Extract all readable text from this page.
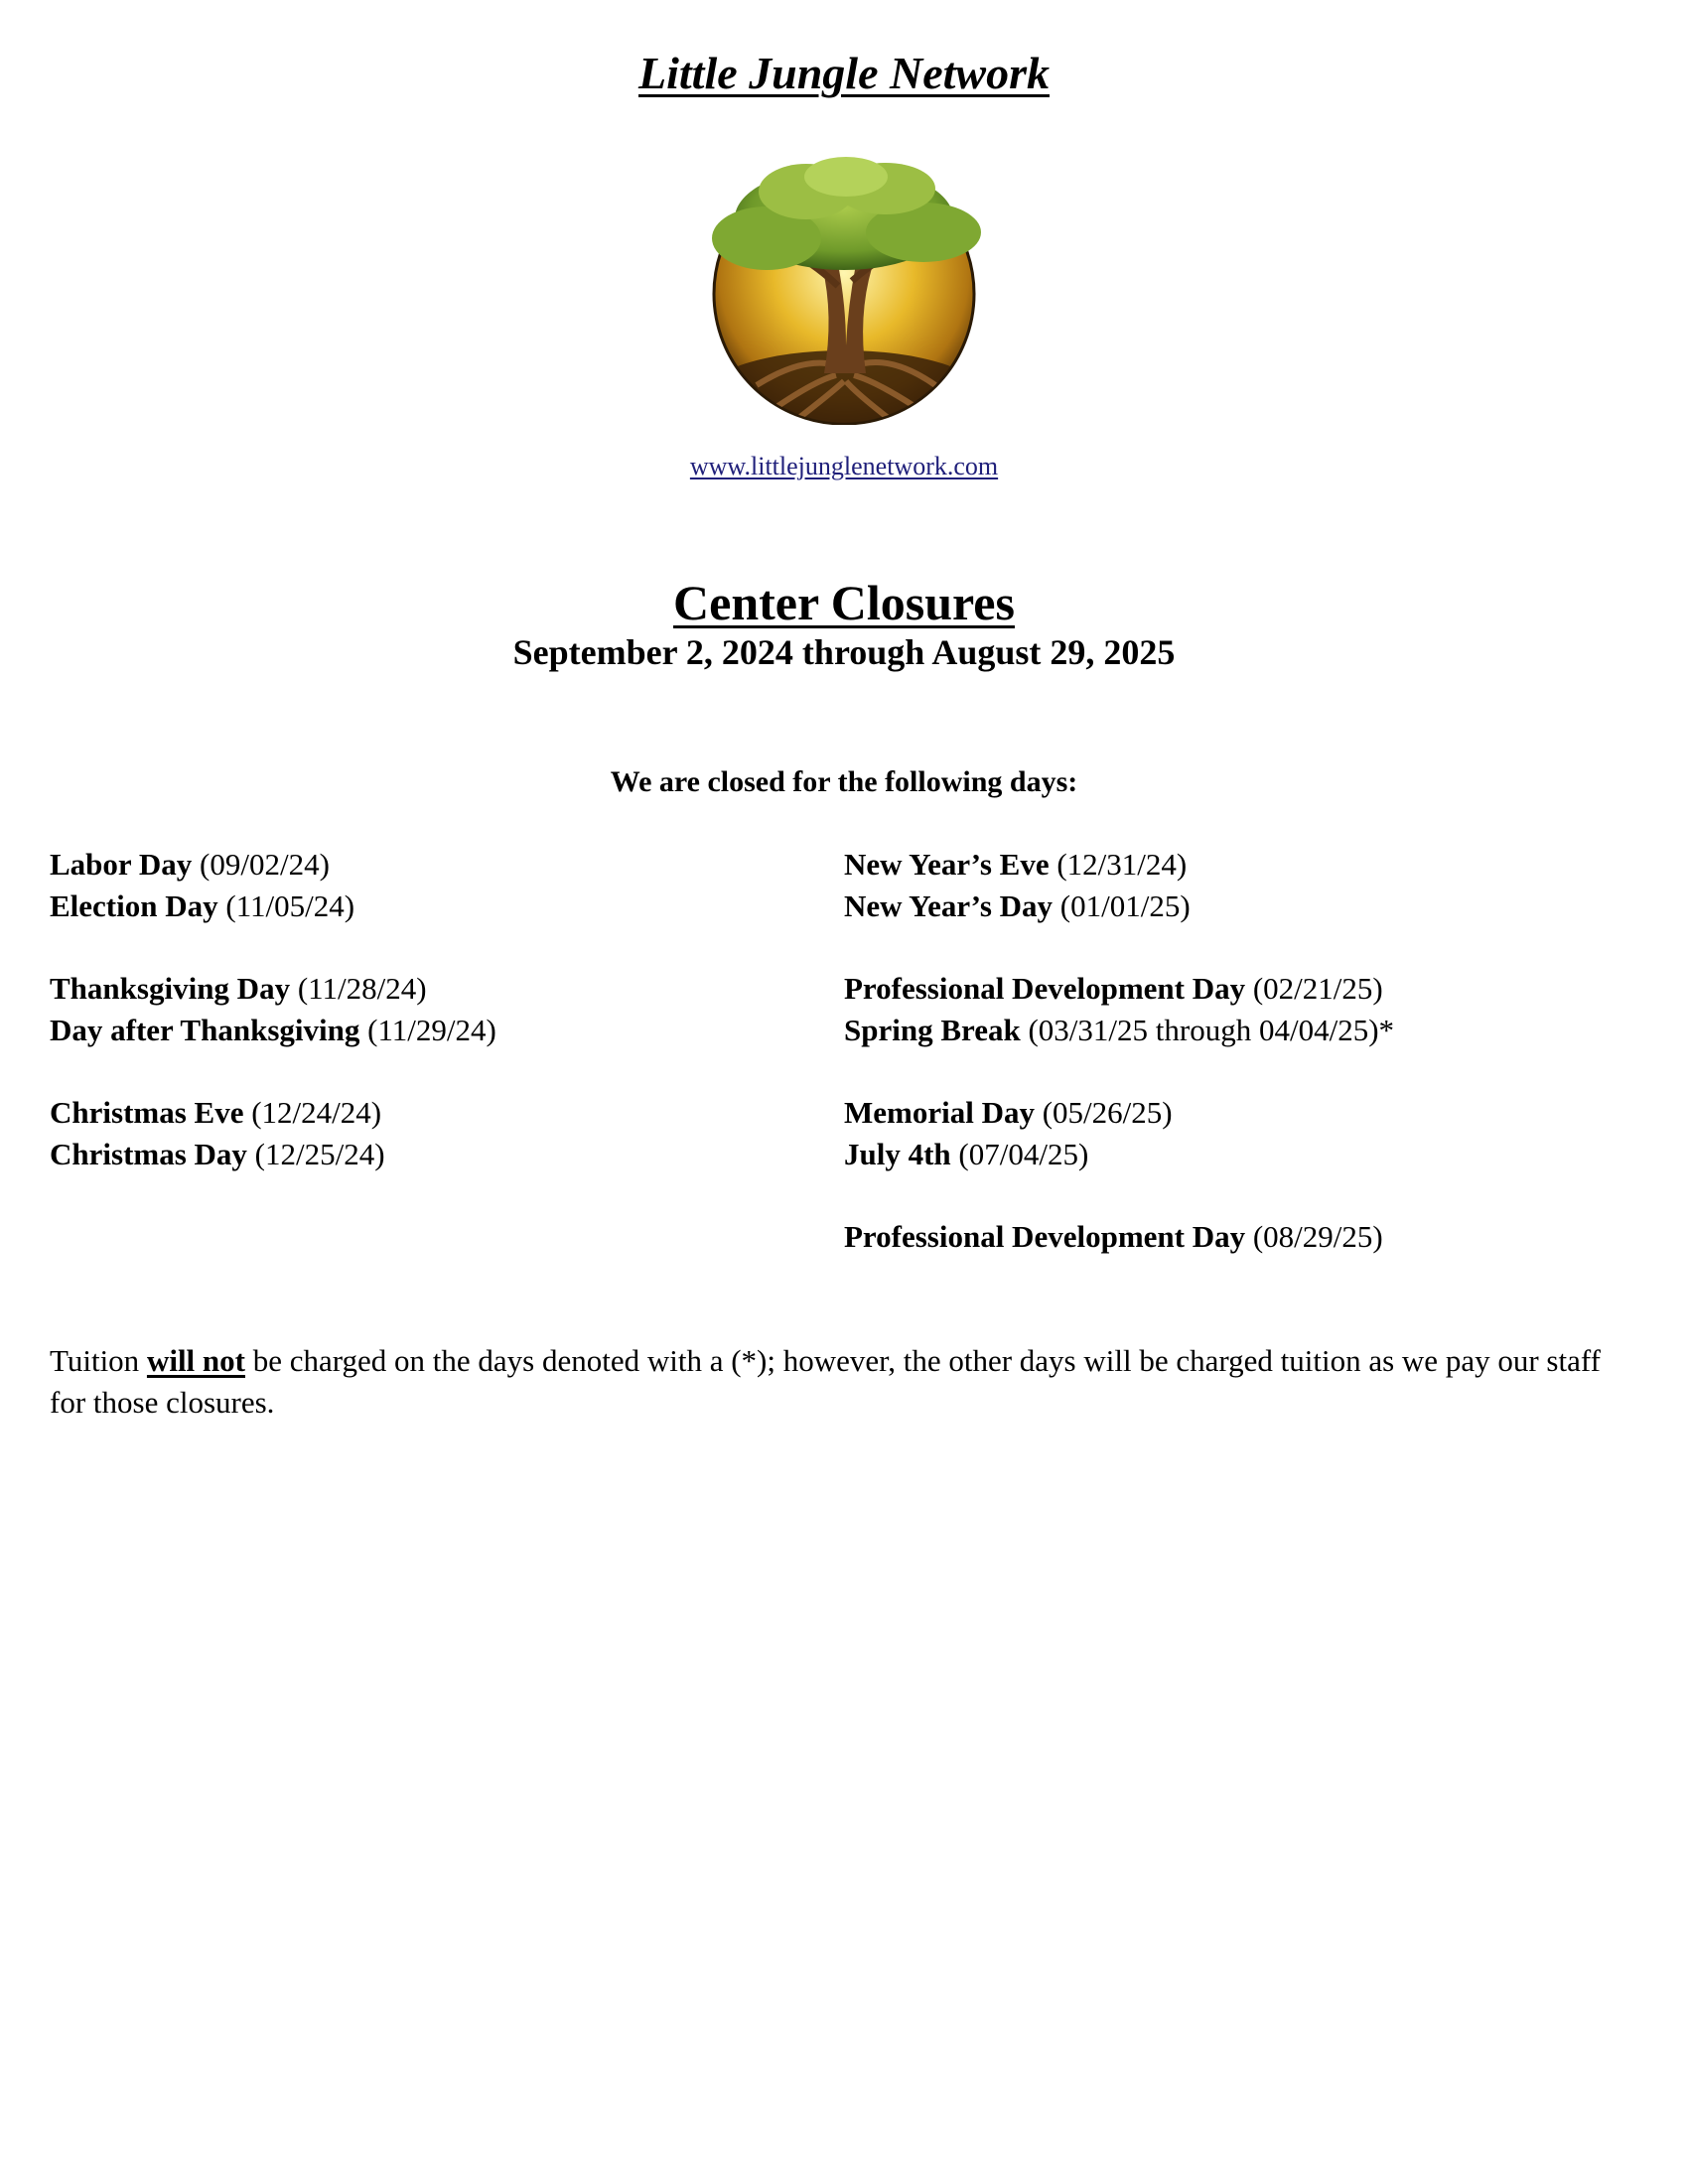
Little Jungle Network
www.littlejunglenetwork.com
Center Closures
September 2, 2024 through August 29, 2025
We are closed for the following days:
Labor Day (09/02/24)
Election Day (11/05/24)
Thanksgiving Day (11/28/24)
Day after Thanksgiving (11/29/24)
Christmas Eve (12/24/24)
Christmas Day (12/25/24)
New Year’s Eve (12/31/24)
New Year’s Day (01/01/25)
Professional Development Day (02/21/25)
Spring Break (03/31/25 through 04/04/25)*
Memorial Day (05/26/25)
July 4th (07/04/25)
Professional Development Day (08/29/25)
Tuition will not be charged on the days denoted with a (*); however, the other days will be charged tuition as we pay our staff for those closures.
